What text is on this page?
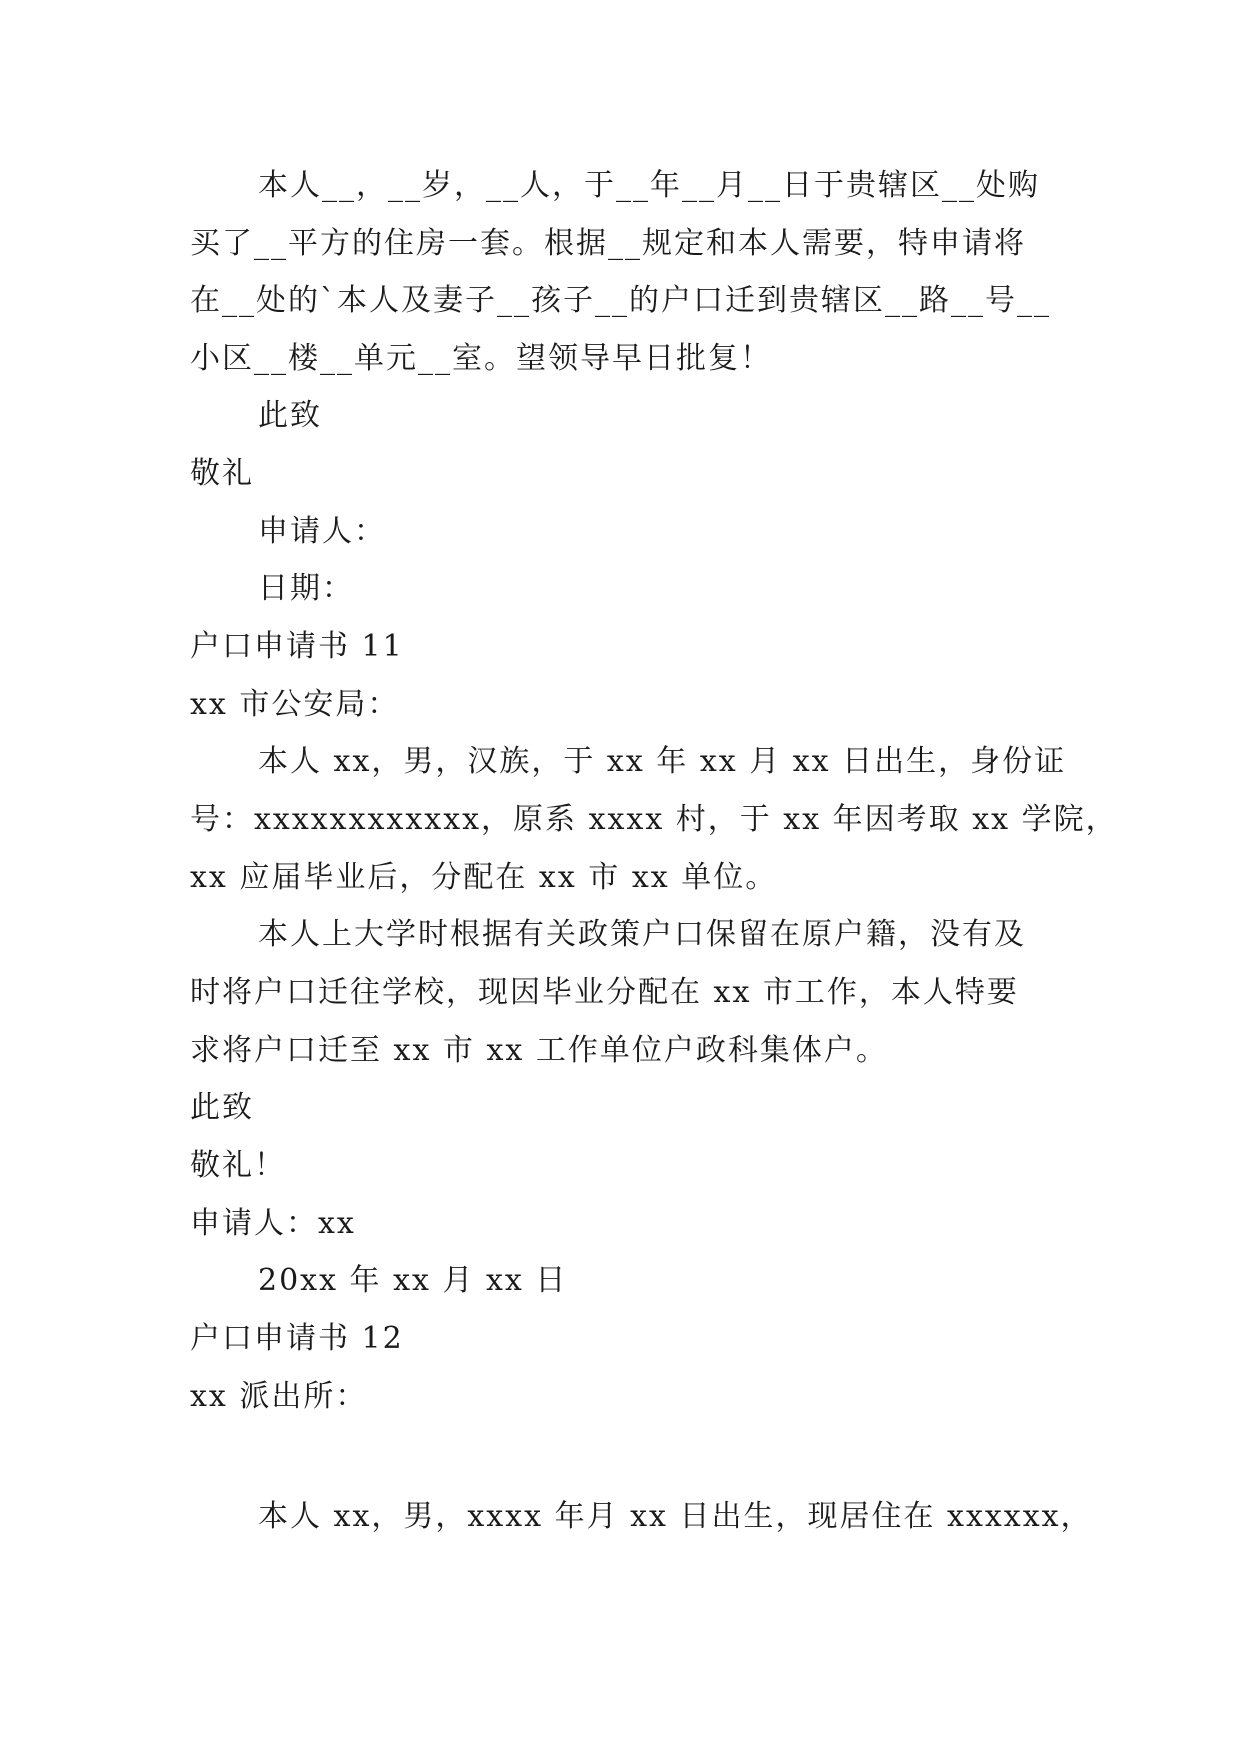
本人__，__岁，__人，于__年__月__日于贵辖区__处购
买了__平方的住房一套。根据__规定和本人需要，特申请将
在__处的`本人及妻子__孩子__的户口迁到贵辖区__路__号__
小区__楼__单元__室。望领导早日批复！
此致
敬礼
申请人：
日期：
户口申请书 11
xx 市公安局：
本人 xx，男，汉族，于 xx 年 xx 月 xx 日出生，身份证
号：xxxxxxxxxxxx，原系 xxxx 村，于 xx 年因考取 xx 学院，
xx 应届毕业后，分配在 xx 市 xx 单位。
本人上大学时根据有关政策户口保留在原户籍，没有及
时将户口迁往学校，现因毕业分配在 xx 市工作，本人特要
求将户口迁至 xx 市 xx 工作单位户政科集体户。
此致
敬礼！
申请人：xx
20xx 年 xx 月 xx 日
户口申请书 12
xx 派出所：
本人 xx，男，xxxx 年月 xx 日出生，现居住在 xxxxxx，
